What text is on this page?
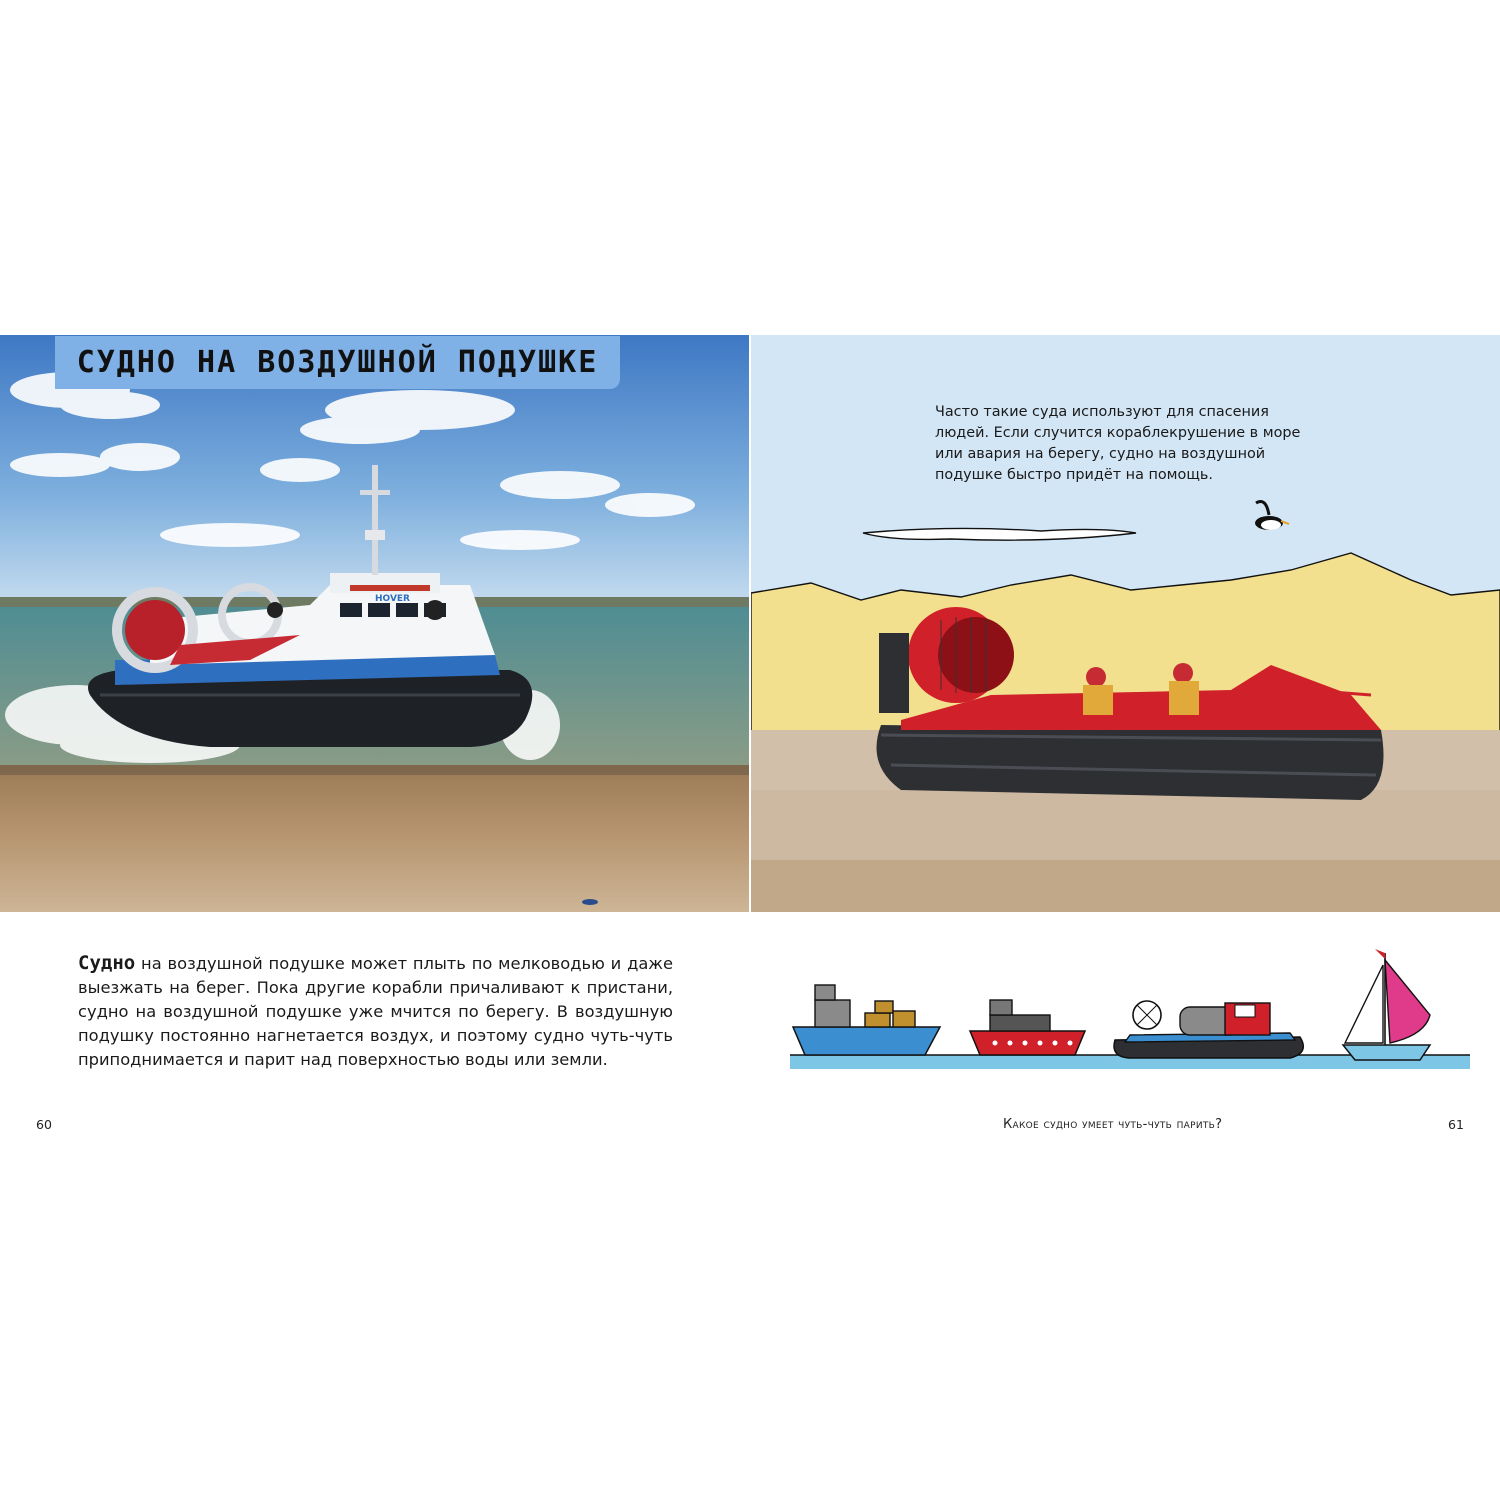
HOVER
СУДНО НА ВОЗДУШНОЙ ПОДУШКЕ

Часто такие суда используют для спасения людей. Если случится кораблекрушение в море или авария на берегу, судно на воздушной подушке быстро придёт на помощь.

Судно на воздушной подушке может плыть по мелководью и даже выезжать на берег. Пока другие корабли причаливают к пристани, судно на воздушной подушке уже мчится по берегу. В воздушную подушку постоянно нагнетается воздух, и поэтому судно чуть-чуть приподнимается и парит над поверхностью воды или земли.
60	Какое судно умеет чуть-чуть парить?	61
